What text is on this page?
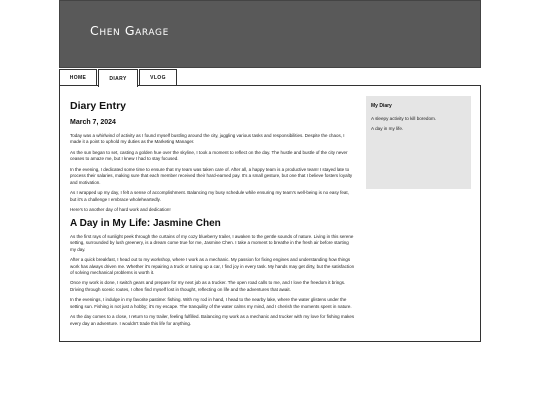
Chen Garage
HOME	DIARY	VLOG
Diary Entry
March 7, 2024

Today was a whirlwind of activity as I found myself bustling around the city, juggling various tasks and responsibilities. Despite the chaos, I made it a point to uphold my duties as the Marketing Manager.

As the sun began to set, casting a golden hue over the skyline, I took a moment to reflect on the day. The hustle and bustle of the city never ceases to amaze me, but I knew I had to stay focused.

In the evening, I dedicated some time to ensure that my team was taken care of. After all, a happy team is a productive team! I stayed late to process their salaries, making sure that each member received their hard-earned pay. It's a small gesture, but one that I believe fosters loyalty and motivation.

As I wrapped up my day, I felt a sense of accomplishment. Balancing my busy schedule while ensuring my team's well-being is no easy feat, but it's a challenge I embrace wholeheartedly.

Here's to another day of hard work and dedication!

A Day in My Life: Jasmine Chen

As the first rays of sunlight peek through the curtains of my cozy blueberry trailer, I awaken to the gentle sounds of nature. Living in this serene setting, surrounded by lush greenery, is a dream come true for me, Jasmine Chen. I take a moment to breathe in the fresh air before starting my day.

After a quick breakfast, I head out to my workshop, where I work as a mechanic. My passion for fixing engines and understanding how things work has always driven me. Whether it's repairing a truck or tuning up a car, I find joy in every task. My hands may get dirty, but the satisfaction of solving mechanical problems is worth it.

Once my work is done, I switch gears and prepare for my next job as a trucker. The open road calls to me, and I love the freedom it brings. Driving through scenic routes, I often find myself lost in thought, reflecting on life and the adventures that await.

In the evenings, I indulge in my favorite pastime: fishing. With my rod in hand, I head to the nearby lake, where the water glistens under the setting sun. Fishing is not just a hobby; it's my escape. The tranquility of the water calms my mind, and I cherish the moments spent in nature.

As the day comes to a close, I return to my trailer, feeling fulfilled. Balancing my work as a mechanic and trucker with my love for fishing makes every day an adventure. I wouldn't trade this life for anything.

My Diary
A sleepy activity to kill boredom.
A day in my life.
